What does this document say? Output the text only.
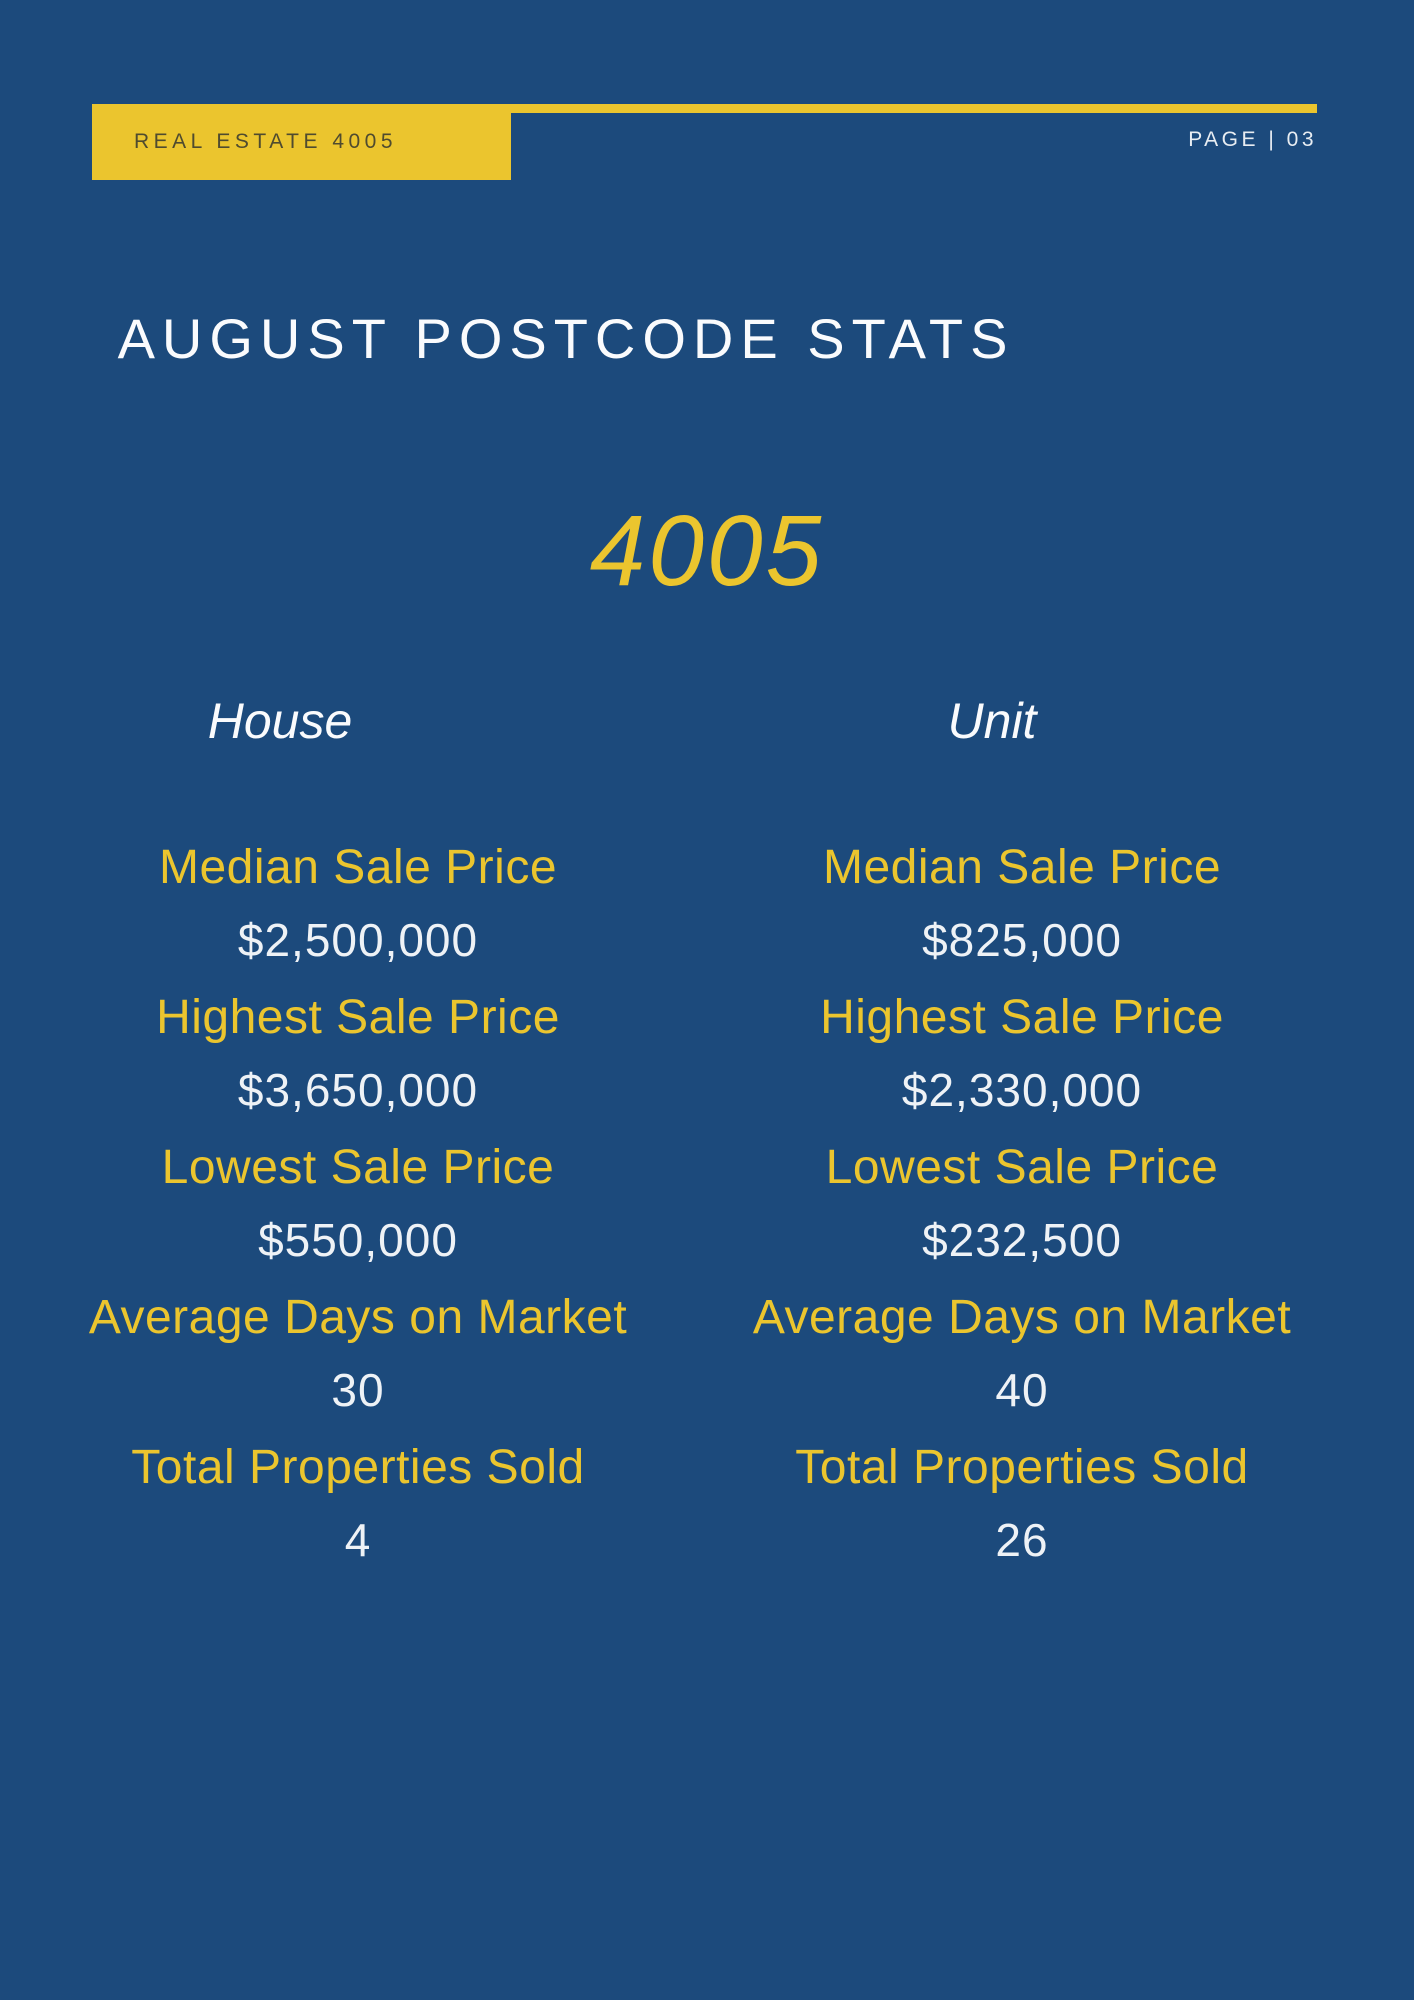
REAL ESTATE 4005	PAGE | 03
AUGUST POSTCODE STATS
4005
House	Unit
Median Sale Price
$2,500,000
Highest Sale Price
$3,650,000
Lowest Sale Price
$550,000
Average Days on Market
30
Total Properties Sold
4
Median Sale Price
$825,000
Highest Sale Price
$2,330,000
Lowest Sale Price
$232,500
Average Days on Market
40
Total Properties Sold
26
